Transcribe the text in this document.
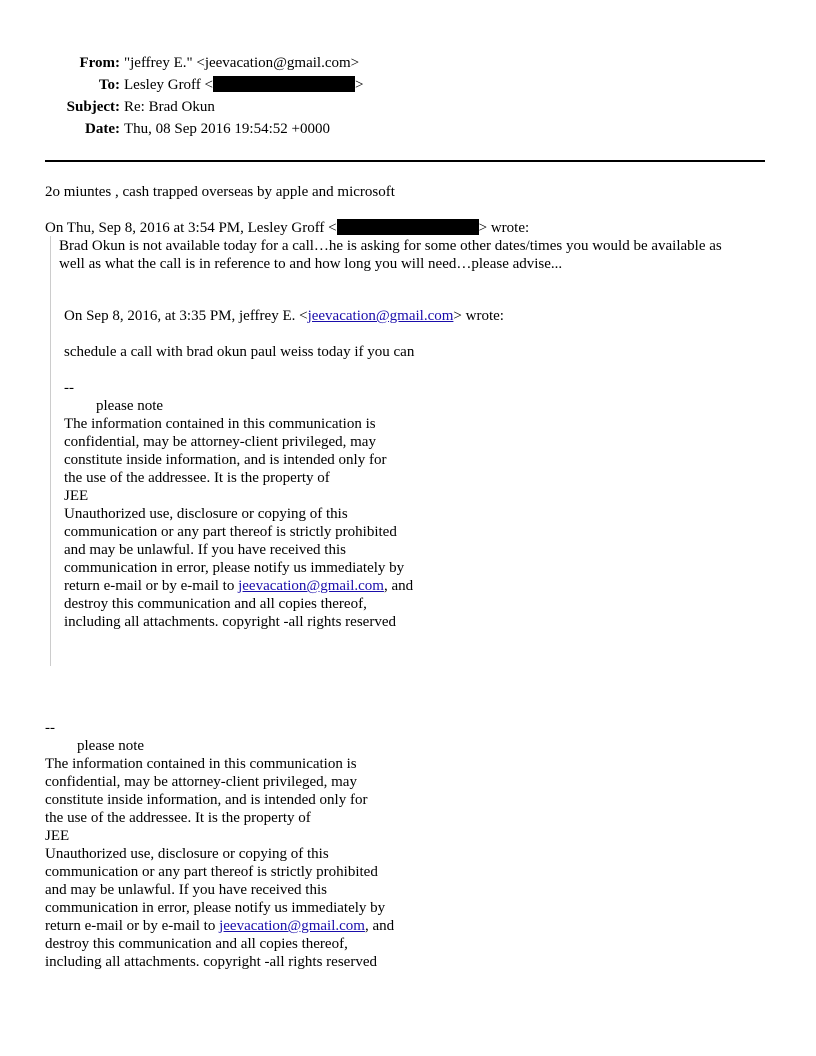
From: "jeffrey E." <jeevacation@gmail.com>
To: Lesley Groff <	>
Subject: Re: Brad Okun
Date: Thu, 08 Sep 2016 19:54:52 +0000
2o miuntes , cash trapped overseas by apple and microsoft
On Thu, Sep 8, 2016 at 3:54 PM, Lesley Groff <	> wrote:
Brad Okun is not available today for a call…he is asking for some other dates/times you would be available as
well as what the call is in reference to and how long you will need…please advise...
On Sep 8, 2016, at 3:35 PM, jeffrey E. <jeevacation@gmail.com> wrote:
schedule a call with brad okun paul weiss today if you can
--
please note
The information contained in this communication is
confidential, may be attorney-client privileged, may
constitute inside information, and is intended only for
the use of the addressee. It is the property of
JEE
Unauthorized use, disclosure or copying of this
communication or any part thereof is strictly prohibited
and may be unlawful. If you have received this
communication in error, please notify us immediately by
return e-mail or by e-mail to jeevacation@gmail.com, and
destroy this communication and all copies thereof,
including all attachments. copyright -all rights reserved
--
please note
The information contained in this communication is
confidential, may be attorney-client privileged, may
constitute inside information, and is intended only for
the use of the addressee. It is the property of
JEE
Unauthorized use, disclosure or copying of this
communication or any part thereof is strictly prohibited
and may be unlawful. If you have received this
communication in error, please notify us immediately by
return e-mail or by e-mail to jeevacation@gmail.com, and
destroy this communication and all copies thereof,
including all attachments. copyright -all rights reserved
